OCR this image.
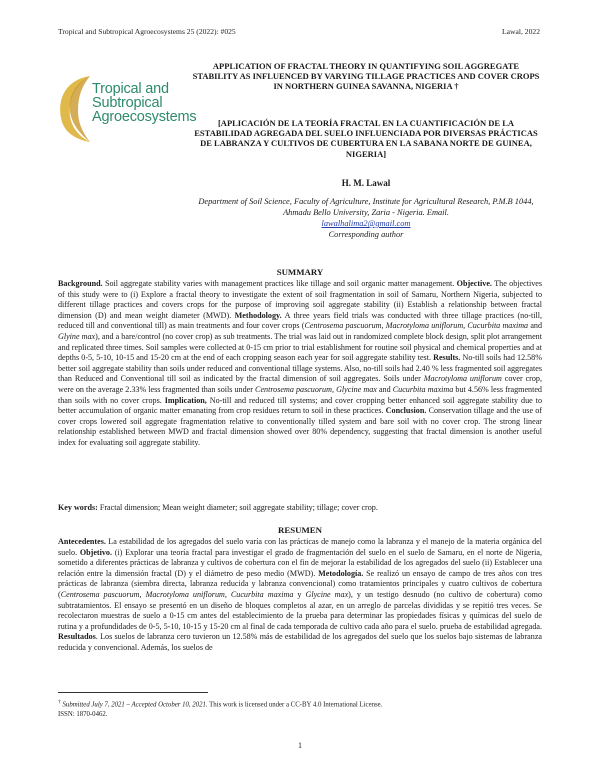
Tropical and Subtropical Agroecosystems 25 (2022): #025	Lawal, 2022
Tropical and
Subtropical
Agroecosystems
APPLICATION OF FRACTAL THEORY IN QUANTIFYING SOIL AGGREGATE STABILITY AS INFLUENCED BY VARYING TILLAGE PRACTICES AND COVER CROPS IN NORTHERN GUINEA SAVANNA, NIGERIA †
[APLICACIÓN DE LA TEORÍA FRACTAL EN LA CUANTIFICACIÓN DE LA ESTABILIDAD AGREGADA DEL SUELO INFLUENCIADA POR DIVERSAS PRÁCTICAS DE LABRANZA Y CULTIVOS DE CUBERTURA EN LA SABANA NORTE DE GUINEA, NIGERIA]
H. M. Lawal
Department of Soil Science, Faculty of Agriculture, Institute for Agricultural Research, P.M.B 1044, Ahmadu Bello University, Zaria - Nigeria. Email.
lawalhalima2@gmail.com
Corresponding author
SUMMARY
Background. Soil aggregate stability varies with management practices like tillage and soil organic matter management. Objective. The objectives of this study were to (i) Explore a fractal theory to investigate the extent of soil fragmentation in soil of Samaru, Northern Nigeria, subjected to different tillage practices and covers crops for the purpose of improving soil aggregate stability (ii) Establish a relationship between fractal dimension (D) and mean weight diameter (MWD). Methodology. A three years field trials was conducted with three tillage practices (no-till, reduced till and conventional till) as main treatments and four cover crops (Centrosema pascuorum, Macrotyloma uniflorum, Cucurbita maxima and Glyine max), and a bare/control (no cover crop) as sub treatments. The trial was laid out in randomized complete block design, split plot arrangement and replicated three times. Soil samples were collected at 0-15 cm prior to trial establishment for routine soil physical and chemical properties and at depths 0-5, 5-10, 10-15 and 15-20 cm at the end of each cropping season each year for soil aggregate stability test. Results. No-till soils had 12.58% better soil aggregate stability than soils under reduced and conventional tillage systems. Also, no-till soils had 2.40 % less fragmented soil aggregates than Reduced and Conventional till soil as indicated by the fractal dimension of soil aggregates. Soils under Macrotyloma uniflorum cover crop, were on the average 2.33% less fragmented than soils under Centrosema pascuorum, Glycine max and Cucurbita maxima but 4.56% less fragmented than soils with no cover crops. Implication, No-till and reduced till systems; and cover cropping better enhanced soil aggregate stability due to better accumulation of organic matter emanating from crop residues return to soil in these practices. Conclusion. Conservation tillage and the use of cover crops lowered soil aggregate fragmentation relative to conventionally tilled system and bare soil with no cover crop. The strong linear relationship established between MWD and fractal dimension showed over 80% dependency, suggesting that fractal dimension is another useful index for evaluating soil aggregate stability.
Key words: Fractal dimension; Mean weight diameter; soil aggregate stability; tillage; cover crop.
RESUMEN
Antecedentes. La estabilidad de los agregados del suelo varía con las prácticas de manejo como la labranza y el manejo de la materia orgánica del suelo. Objetivo. (i) Explorar una teoría fractal para investigar el grado de fragmentación del suelo en el suelo de Samaru, en el norte de Nigeria, sometido a diferentes prácticas de labranza y cultivos de cobertura con el fin de mejorar la estabilidad de los agregados del suelo (ii) Establecer una relación entre la dimensión fractal (D) y el diámetro de peso medio (MWD). Metodología. Se realizó un ensayo de campo de tres años con tres prácticas de labranza (siembra directa, labranza reducida y labranza convencional) como tratamientos principales y cuatro cultivos de cobertura (Centrosema pascuorum, Macrotyloma uniflorum, Cucurbita maxima y Glycine max), y un testigo desnudo (no cultivo de cobertura) como subtratamientos. El ensayo se presentó en un diseño de bloques completos al azar, en un arreglo de parcelas divididas y se repitió tres veces. Se recolectaron muestras de suelo a 0-15 cm antes del establecimiento de la prueba para determinar las propiedades físicas y químicas del suelo de rutina y a profundidades de 0-5, 5-10, 10-15 y 15-20 cm al final de cada temporada de cultivo cada año para el suelo. prueba de estabilidad agregada. Resultados. Los suelos de labranza cero tuvieron un 12.58% más de estabilidad de los agregados del suelo que los suelos bajo sistemas de labranza reducida y convencional. Además, los suelos de
† Submitted July 7, 2021 – Accepted October 10, 2021. This work is licensed under a CC-BY 4.0 International License.
ISSN: 1870-0462.
1
